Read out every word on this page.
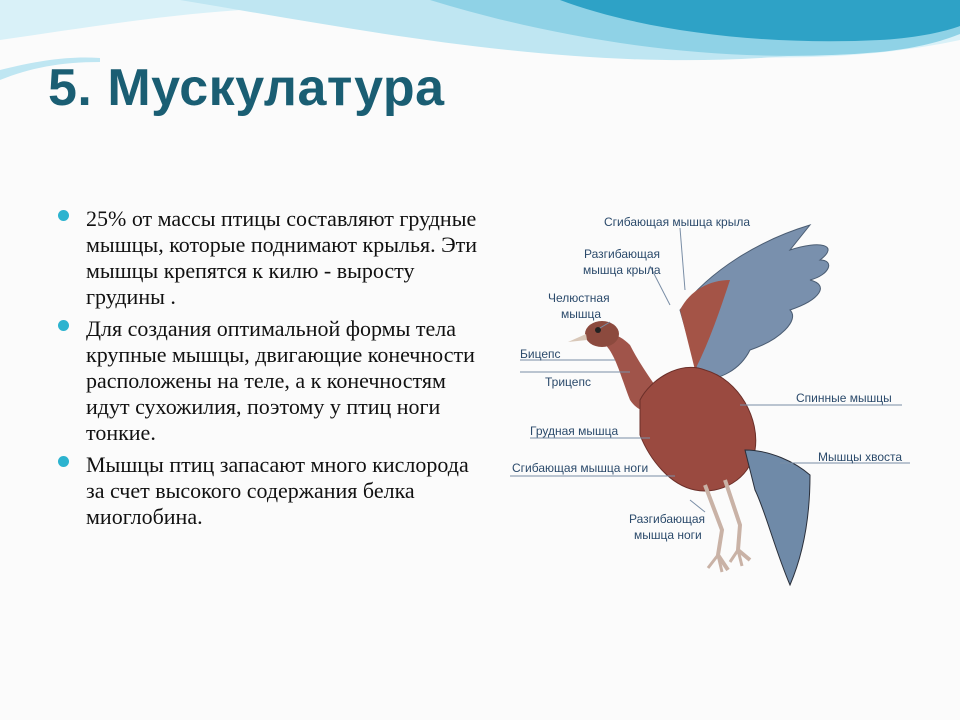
5. Мускулатура
25% от массы птицы составляют грудные мышцы, которые поднимают крылья. Эти мышцы крепятся к килю - выросту грудины .
Для создания оптимальной формы тела крупные мышцы, двигающие конечности расположены на теле, а к конечностям идут сухожилия, поэтому у птиц ноги тонкие.
Мышцы птиц запасают много кислорода за счет высокого содержания белка миоглобина.
Сгибающая мышца крыла
Разгибающая
мышца крыла
Челюстная
мышца
Бицепс
Трицепс
Спинные мышцы
Грудная мышца
Мышцы хвоста
Сгибающая мышца ноги
Разгибающая
мышца ноги
